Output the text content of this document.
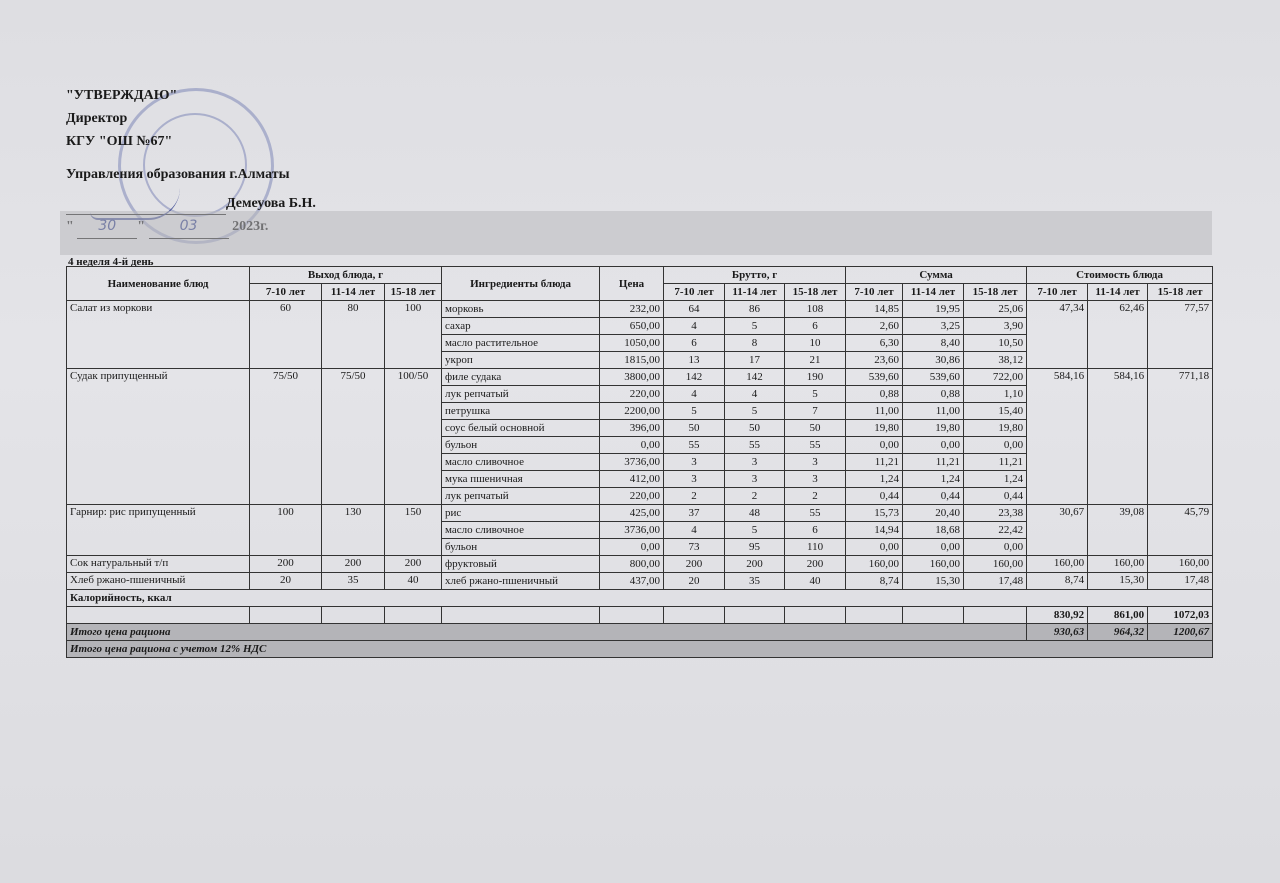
"УТВЕРЖДАЮ"
Директор
КГУ "ОШ №67"
Управления образования г.Алматы
Демеуова Б.Н.

4 неделя 4-й день
Наименование блюд	Выход блюда, г			Ингредиенты блюда	Цена	Брутто, г			Сумма			Стоимость блюда		
	7-10 лет	11-14 лет	15-18 лет			7-10 лет	11-14 лет	15-18 лет	7-10 лет	11-14 лет	15-18 лет	7-10 лет	11-14 лет	15-18 лет
Салат из моркови	60	80	100	морковь	232,00	64	86	108	14,85	19,95	25,06	47,34	62,46	77,57
				сахар	650,00	4	5	6	2,60	3,25	3,90			
				масло растительное	1050,00	6	8	10	6,30	8,40	10,50			
				укроп	1815,00	13	17	21	23,60	30,86	38,12			
Судак припущенный	75/50	75/50	100/50	филе судака	3800,00	142	142	190	539,60	539,60	722,00	584,16	584,16	771,18
				лук репчатый	220,00	4	4	5	0,88	0,88	1,10			
				петрушка	2200,00	5	5	7	11,00	11,00	15,40			
				соус белый основной	396,00	50	50	50	19,80	19,80	19,80			
				бульон	0,00	55	55	55	0,00	0,00	0,00			
				масло сливочное	3736,00	3	3	3	11,21	11,21	11,21			
				мука пшеничная	412,00	3	3	3	1,24	1,24	1,24			
				лук репчатый	220,00	2	2	2	0,44	0,44	0,44			
Гарнир: рис припущенный	100	130	150	рис	425,00	37	48	55	15,73	20,40	23,38	30,67	39,08	45,79
				масло сливочное	3736,00	4	5	6	14,94	18,68	22,42			
				бульон	0,00	73	95	110	0,00	0,00	0,00			
Сок натуральный т/п	200	200	200	фруктовый	800,00	200	200	200	160,00	160,00	160,00	160,00	160,00	160,00
Хлеб ржано-пшеничный	20	35	40	хлеб ржано-пшеничный	437,00	20	35	40	8,74	15,30	17,48	8,74	15,30	17,48
Калорийность, ккал														
												830,92	861,00	1072,03
Итого цена рациона												930,63	964,32	1200,67
Итого цена рациона с учетом 12% НДС														
